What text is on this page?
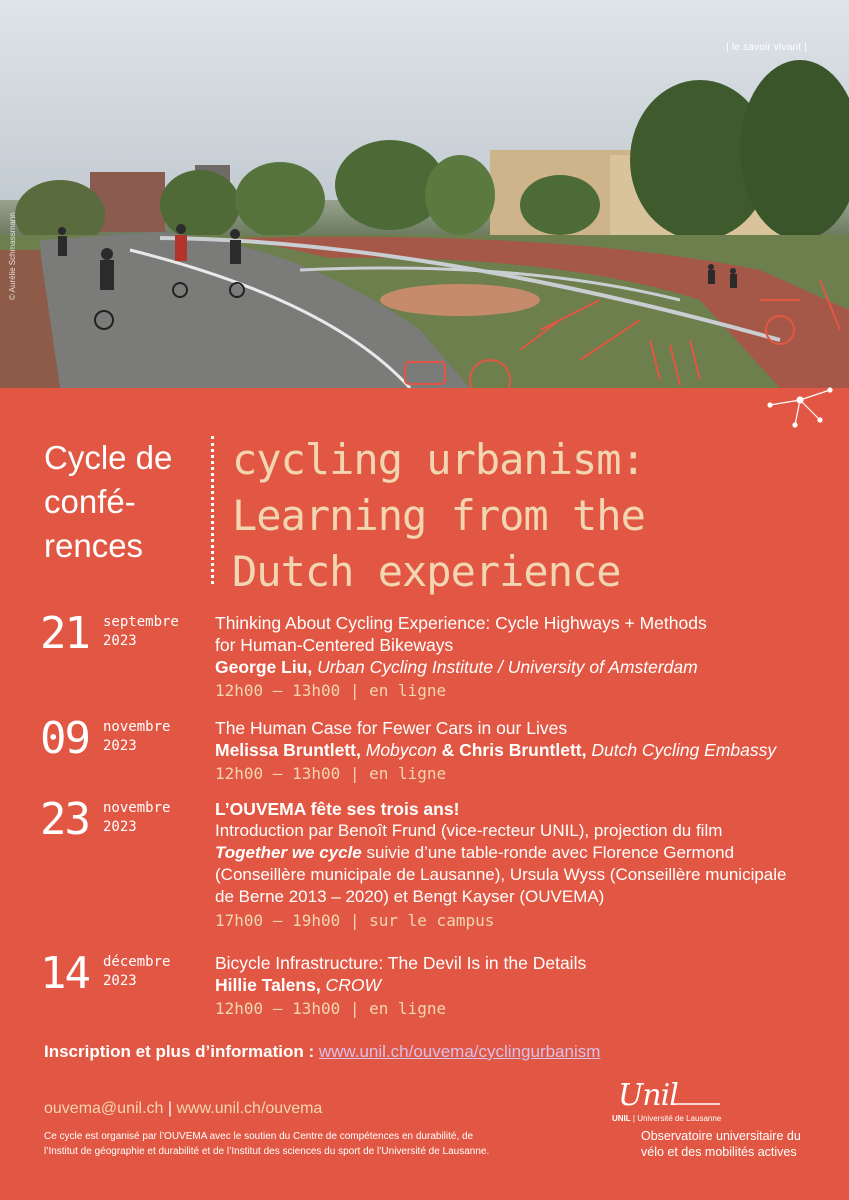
| le savoir vivant |
© Aurélie Schmassmann
Cycle de
confé-
rences
cycling urbanism:
Learning from the
Dutch experience
21 septembre
2023
Thinking About Cycling Experience: Cycle Highways + Methods
for Human-Centered Bikeways
George Liu, Urban Cycling Institute / University of Amsterdam
12h00 – 13h00 | en ligne
09 novembre
2023
The Human Case for Fewer Cars in our Lives
Melissa Bruntlett, Mobycon & Chris Bruntlett, Dutch Cycling Embassy
12h00 – 13h00 | en ligne
23 novembre
2023
L’OUVEMA fête ses trois ans!
Introduction par Benoît Frund (vice-recteur UNIL), projection du film
Together we cycle suivie d’une table-ronde avec Florence Germond
(Conseillère municipale de Lausanne), Ursula Wyss (Conseillère municipale
de Berne 2013 – 2020) et Bengt Kayser (OUVEMA)
17h00 – 19h00 | sur le campus
14 décembre
2023
Bicycle Infrastructure: The Devil Is in the Details
Hillie Talens, CROW
12h00 – 13h00 | en ligne
Inscription et plus d’information : www.unil.ch/ouvema/cyclingurbanism
ouvema@unil.ch | www.unil.ch/ouvema
Ce cycle est organisé par l’OUVEMA avec le soutien du Centre de compétences en durabilité, de
l’Institut de géographie et durabilité et de l’Institut des sciences du sport de l’Université de Lausanne.
Unil
UNIL | Université de Lausanne
Observatoire universitaire du
vélo et des mobilités actives
